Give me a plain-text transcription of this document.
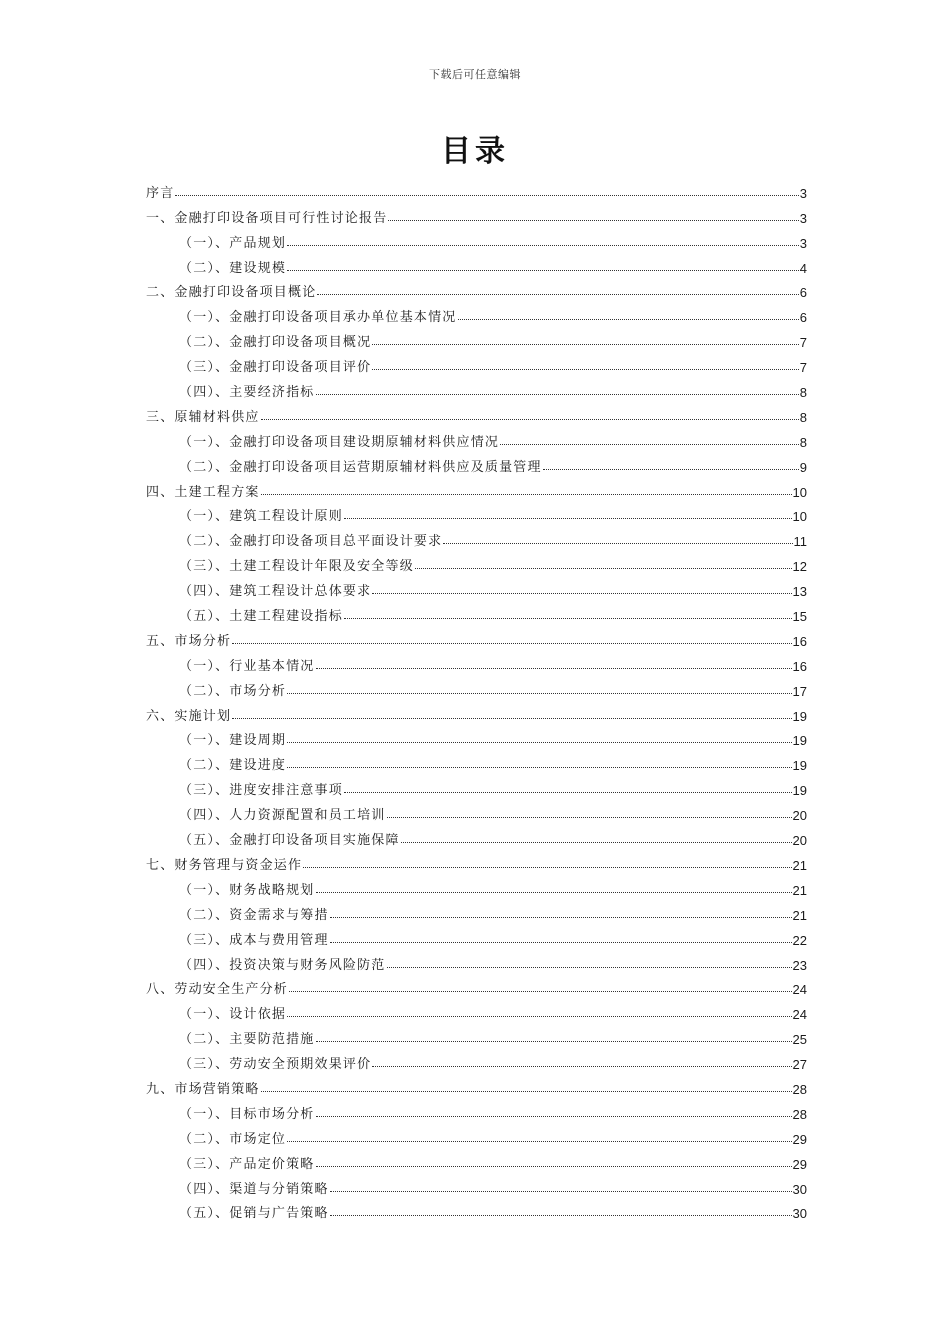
下载后可任意编辑
目录
序言	3
一、金融打印设备项目可行性讨论报告	3
（一）、产品规划	3
（二）、建设规模	4
二、金融打印设备项目概论	6
（一）、金融打印设备项目承办单位基本情况	6
（二）、金融打印设备项目概况	7
（三）、金融打印设备项目评价	7
（四）、主要经济指标	8
三、原辅材料供应	8
（一）、金融打印设备项目建设期原辅材料供应情况	8
（二）、金融打印设备项目运营期原辅材料供应及质量管理	9
四、土建工程方案	10
（一）、建筑工程设计原则	10
（二）、金融打印设备项目总平面设计要求	11
（三）、土建工程设计年限及安全等级	12
（四）、建筑工程设计总体要求	13
（五）、土建工程建设指标	15
五、市场分析	16
（一）、行业基本情况	16
（二）、市场分析	17
六、实施计划	19
（一）、建设周期	19
（二）、建设进度	19
（三）、进度安排注意事项	19
（四）、人力资源配置和员工培训	20
（五）、金融打印设备项目实施保障	20
七、财务管理与资金运作	21
（一）、财务战略规划	21
（二）、资金需求与筹措	21
（三）、成本与费用管理	22
（四）、投资决策与财务风险防范	23
八、劳动安全生产分析	24
（一）、设计依据	24
（二）、主要防范措施	25
（三）、劳动安全预期效果评价	27
九、市场营销策略	28
（一）、目标市场分析	28
（二）、市场定位	29
（三）、产品定价策略	29
（四）、渠道与分销策略	30
（五）、促销与广告策略	30
